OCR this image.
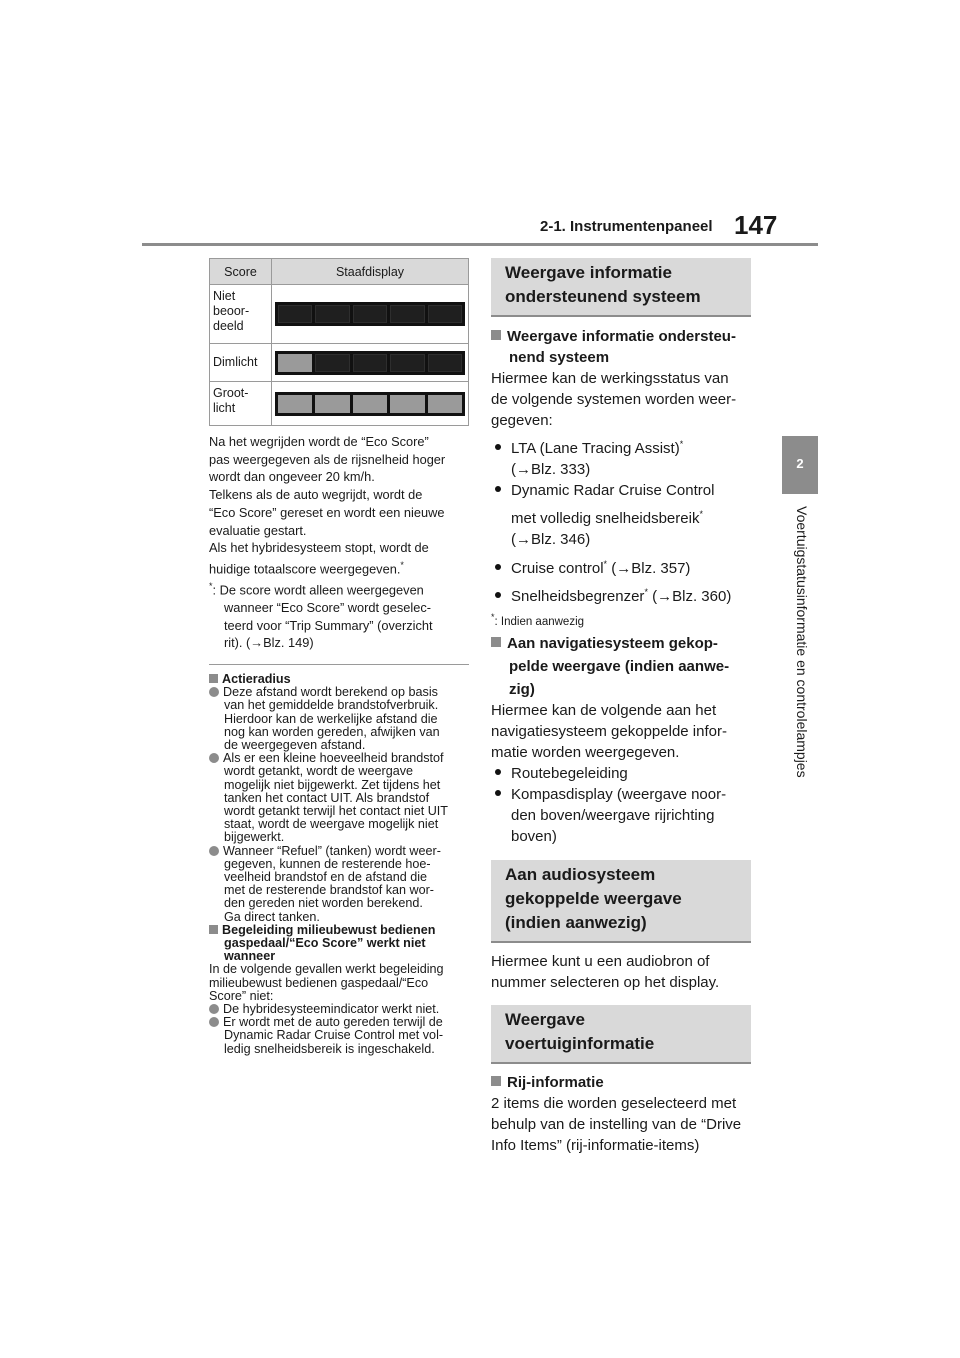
2-1. Instrumentenpaneel 147
2
Voertuigstatusinformatie en controlelampjes
Score	Staafdisplay

Niet
beoor-
deeld	

Dimlicht	

Groot-
licht	

Na het wegrijden wordt de “Eco Score”

pas weergegeven als de rijsnelheid hoger

wordt dan ongeveer 20 km/h.

Telkens als de auto wegrijdt, wordt de

“Eco Score” gereset en wordt een nieuwe

evaluatie gestart.

Als het hybridesysteem stopt, wordt de

huidige totaalscore weergegeven.*

*: De score wordt alleen weergegeven
wanneer “Eco Score” wordt geselec-
teerd voor “Trip Summary” (overzicht
rit). (→Blz. 149)
Actieradius
Deze afstand wordt berekend op basis
van het gemiddelde brandstofverbruik.
Hierdoor kan de werkelijke afstand die
nog kan worden gereden, afwijken van
de weergegeven afstand.
Als er een kleine hoeveelheid brandstof
wordt getankt, wordt de weergave
mogelijk niet bijgewerkt. Zet tijdens het
tanken het contact UIT. Als brandstof
wordt getankt terwijl het contact niet UIT
staat, wordt de weergave mogelijk niet
bijgewerkt.
Wanneer “Refuel” (tanken) wordt weer-
gegeven, kunnen de resterende hoe-
veelheid brandstof en de afstand die
met de resterende brandstof kan wor-
den gereden niet worden berekend.
Ga direct tanken.
Begeleiding milieubewust bedienen
gaspedaal/“Eco Score” werkt niet
wanneer
In de volgende gevallen werkt begeleiding
milieubewust bedienen gaspedaal/“Eco
Score” niet:
De hybridesysteemindicator werkt niet.
Er wordt met de auto gereden terwijl de
Dynamic Radar Cruise Control met vol-
ledig snelheidsbereik is ingeschakeld.
Weergave informatie
ondersteunend systeem
Weergave informatie ondersteu-
nend systeem
Hiermee kan de werkingsstatus van
de volgende systemen worden weer-
gegeven:
LTA (Lane Tracing Assist)*
(→Blz. 333)
Dynamic Radar Cruise Control
met volledig snelheidsbereik*
(→Blz. 346)
Cruise control* (→Blz. 357)
Snelheidsbegrenzer* (→Blz. 360)
*: Indien aanwezig
Aan navigatiesysteem gekop-
pelde weergave (indien aanwe-
zig)
Hiermee kan de volgende aan het
navigatiesysteem gekoppelde infor-
matie worden weergegeven.
Routebegeleiding
Kompasdisplay (weergave noor-
den boven/weergave rijrichting
boven)
Aan audiosysteem
gekoppelde weergave
(indien aanwezig)
Hiermee kunt u een audiobron of
nummer selecteren op het display.
Weergave
voertuiginformatie
Rij-informatie
2 items die worden geselecteerd met
behulp van de instelling van de “Drive
Info Items” (rij-informatie-items)
